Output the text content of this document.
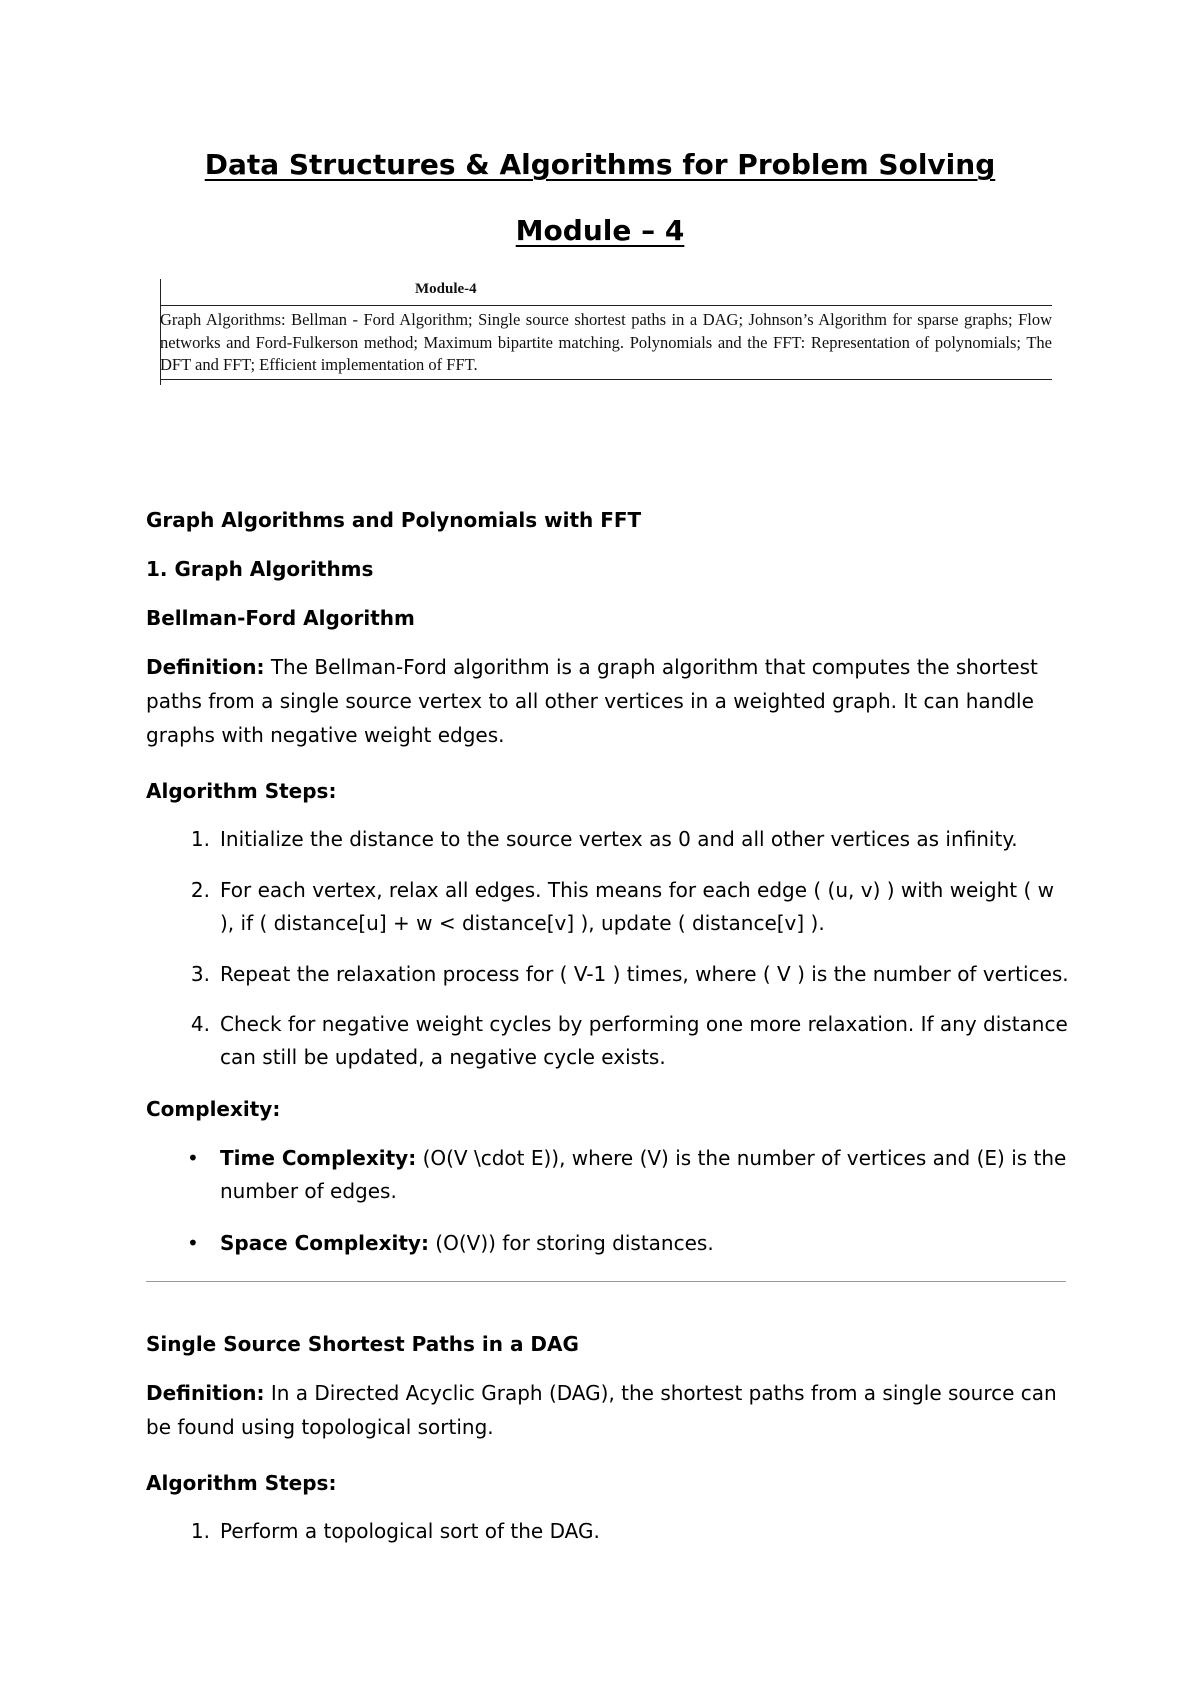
Data Structures & Algorithms for Problem Solving
Module – 4
Module-4
Graph Algorithms: Bellman - Ford Algorithm; Single source shortest paths in a DAG; Johnson’s Algorithm for sparse graphs; Flow networks and Ford-Fulkerson method; Maximum bipartite matching. Polynomials and the FFT: Representation of polynomials; The DFT and FFT; Efficient implementation of FFT.
Graph Algorithms and Polynomials with FFT
1. Graph Algorithms
Bellman-Ford Algorithm
Definition: The Bellman-Ford algorithm is a graph algorithm that computes the shortest paths from a single source vertex to all other vertices in a weighted graph. It can handle graphs with negative weight edges.
Algorithm Steps:
1. Initialize the distance to the source vertex as 0 and all other vertices as infinity.
2. For each vertex, relax all edges. This means for each edge ( (u, v) ) with weight ( w ), if ( distance[u] + w < distance[v] ), update ( distance[v] ).
3. Repeat the relaxation process for ( V-1 ) times, where ( V ) is the number of vertices.
4. Check for negative weight cycles by performing one more relaxation. If any distance can still be updated, a negative cycle exists.
Complexity:
• Time Complexity: (O(V \cdot E)), where (V) is the number of vertices and (E) is the number of edges.
• Space Complexity: (O(V)) for storing distances.
Single Source Shortest Paths in a DAG
Definition: In a Directed Acyclic Graph (DAG), the shortest paths from a single source can be found using topological sorting.
Algorithm Steps:
1. Perform a topological sort of the DAG.
